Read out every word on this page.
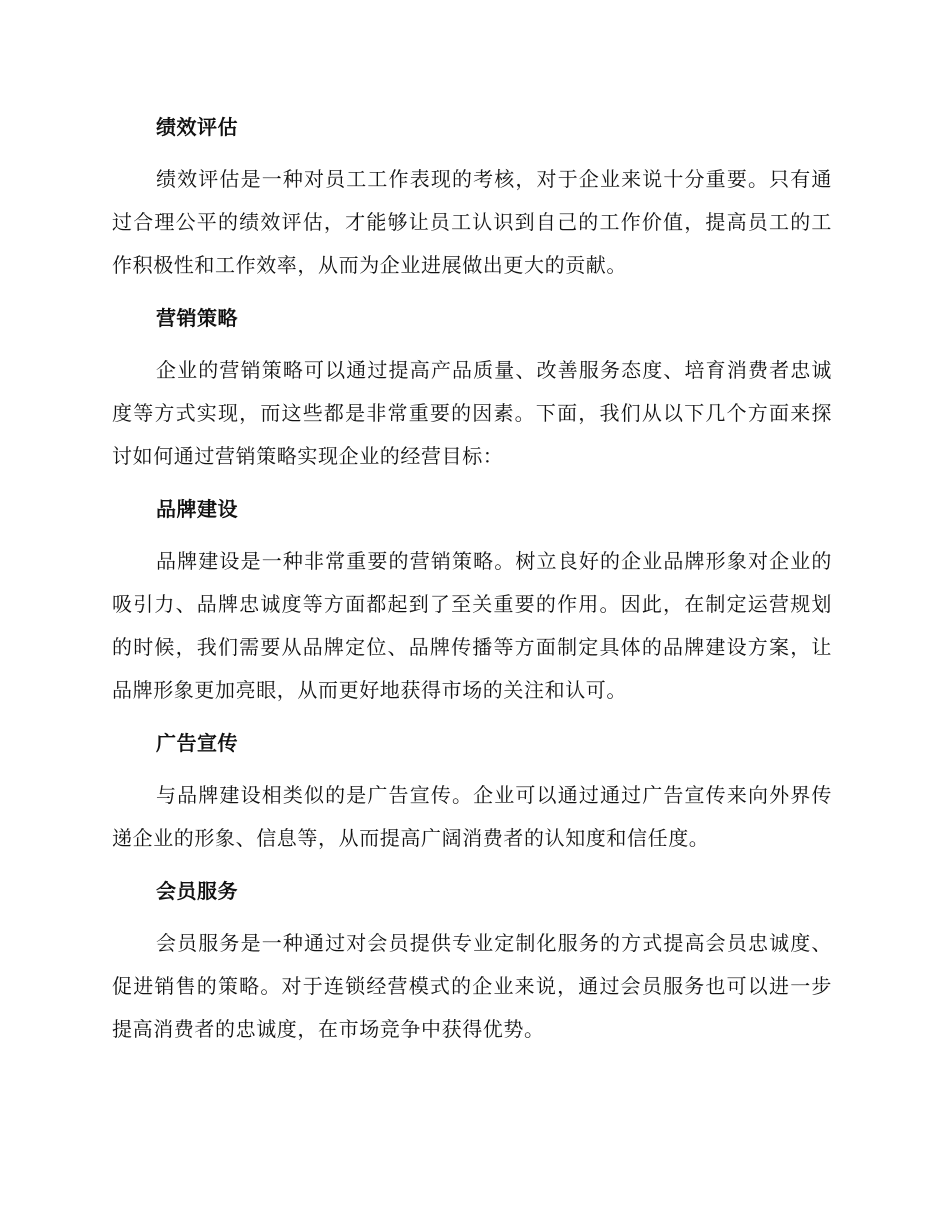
绩效评估

绩效评估是一种对员工工作表现的考核，对于企业来说十分重要。只有通过合理公平的绩效评估，才能够让员工认识到自己的工作价值，提高员工的工作积极性和工作效率，从而为企业进展做出更大的贡献。

营销策略

企业的营销策略可以通过提高产品质量、改善服务态度、培育消费者忠诚度等方式实现，而这些都是非常重要的因素。下面，我们从以下几个方面来探讨如何通过营销策略实现企业的经营目标：

品牌建设

品牌建设是一种非常重要的营销策略。树立良好的企业品牌形象对企业的吸引力、品牌忠诚度等方面都起到了至关重要的作用。因此，在制定运营规划的时候，我们需要从品牌定位、品牌传播等方面制定具体的品牌建设方案，让品牌形象更加亮眼，从而更好地获得市场的关注和认可。

广告宣传

与品牌建设相类似的是广告宣传。企业可以通过通过广告宣传来向外界传递企业的形象、信息等，从而提高广阔消费者的认知度和信任度。

会员服务

会员服务是一种通过对会员提供专业定制化服务的方式提高会员忠诚度、促进销售的策略。对于连锁经营模式的企业来说，通过会员服务也可以进一步提高消费者的忠诚度，在市场竞争中获得优势。
